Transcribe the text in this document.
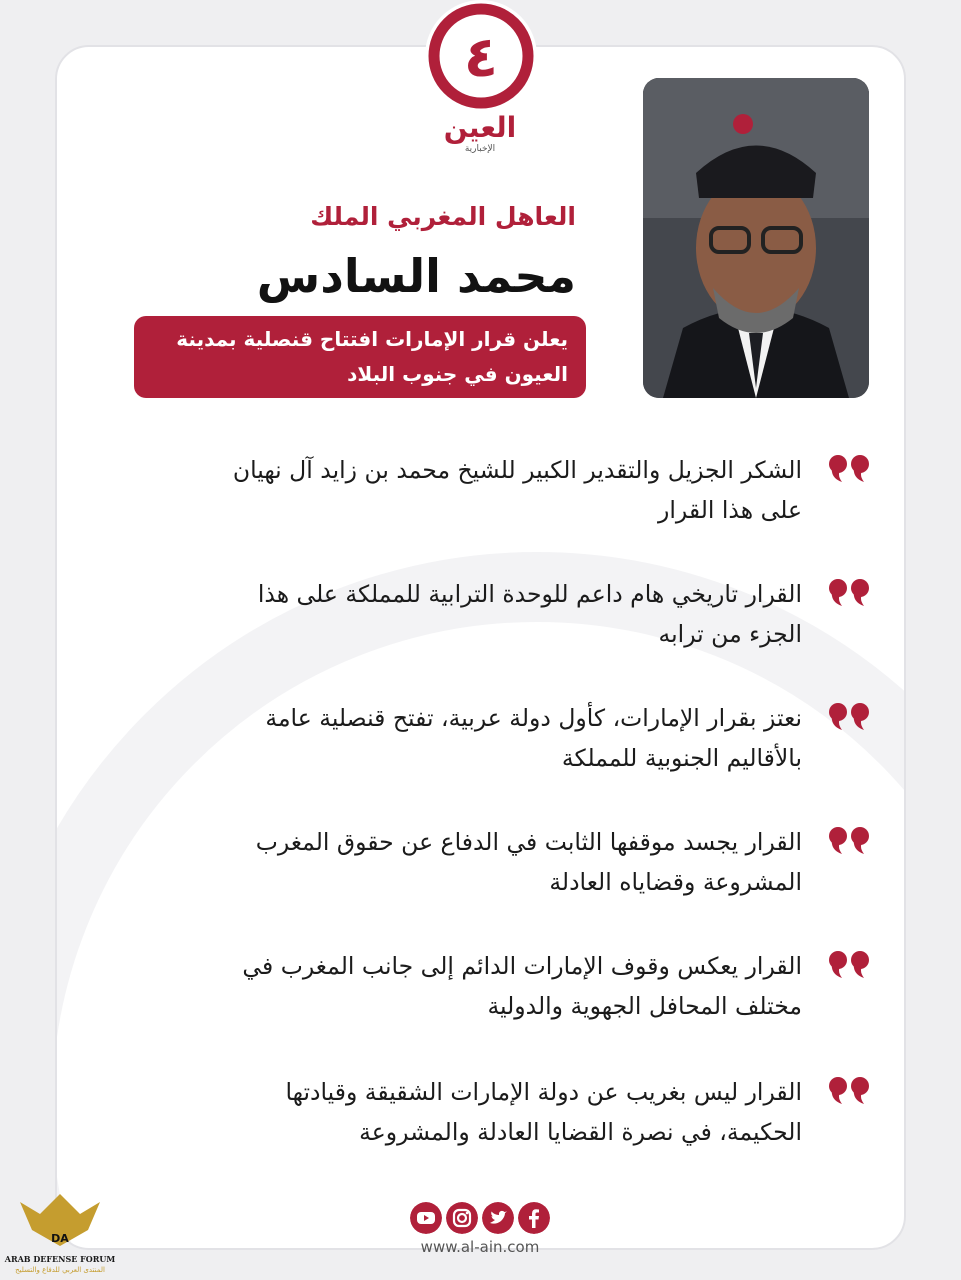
٤
العين
الإخبارية
العاهل المغربي الملك
محمد السادس
يعلن قرار الإمارات افتتاح قنصلية بمدينة
العيون في جنوب البلاد
الشكر الجزيل والتقدير الكبير للشيخ محمد بن زايد آل نهيان
على هذا القرار
القرار تاريخي هام داعم للوحدة الترابية للمملكة على هذا
الجزء من ترابه
نعتز بقرار الإمارات، كأول دولة عربية، تفتح قنصلية عامة
بالأقاليم الجنوبية للمملكة
القرار يجسد موقفها الثابت في الدفاع عن حقوق المغرب
المشروعة وقضاياه العادلة
القرار يعكس وقوف الإمارات الدائم إلى جانب المغرب في
مختلف المحافل الجهوية والدولية
القرار ليس بغريب عن دولة الإمارات الشقيقة وقيادتها
الحكيمة، في نصرة القضايا العادلة والمشروعة
www.al-ain.com
DA
ARAB DEFENSE FORUM
المنتدى العربي للدفاع والتسليح
